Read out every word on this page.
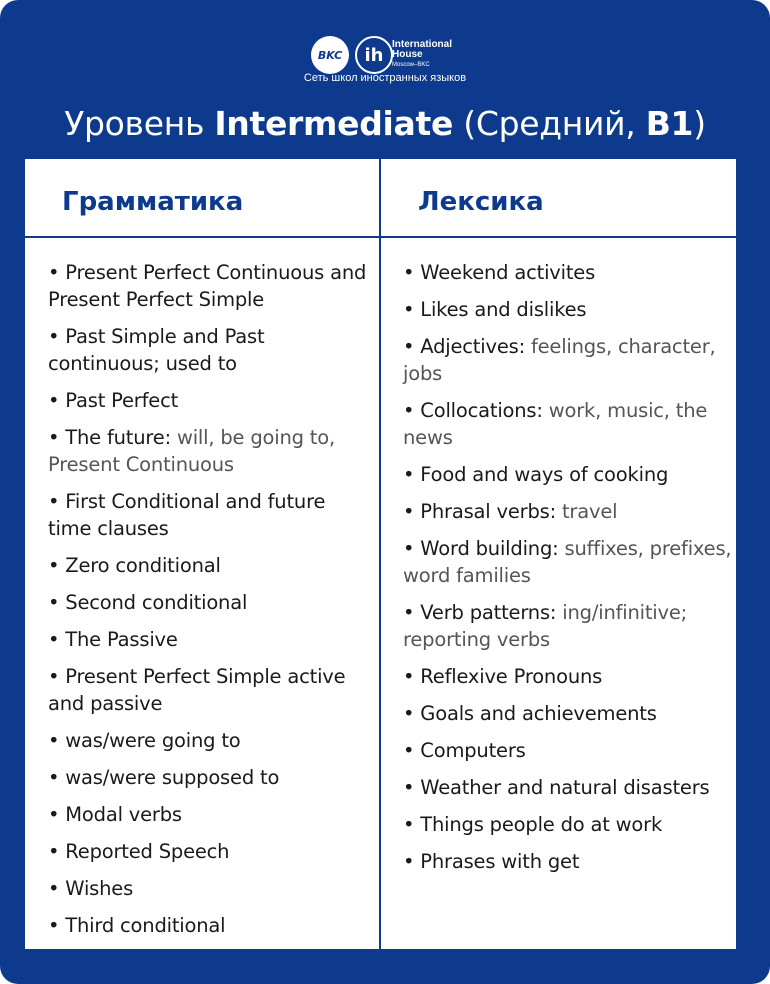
BKC	ih International
House
Moscow–BKC
Сеть школ иностранных языков
Уровень Intermediate (Средний, B1)
Грамматика	Лексика
• Present Perfect Continuous and Present Perfect Simple
• Past Simple and Past continuous; used to
• Past Perfect
• The future: will, be going to, Present Continuous
• First Conditional and future time clauses
• Zero conditional
• Second conditional
• The Passive
• Present Perfect Simple active and passive
• was/were going to
• was/were supposed to
• Modal verbs
• Reported Speech
• Wishes
• Third conditional
• Weekend activites
• Likes and dislikes
• Adjectives: feelings, character, jobs
• Collocations: work, music, the news
• Food and ways of cooking
• Phrasal verbs: travel
• Word building: suffixes, prefixes, word families
• Verb patterns: ing/infinitive; reporting verbs
• Reflexive Pronouns
• Goals and achievements
• Computers
• Weather and natural disasters
• Things people do at work
• Phrases with get
